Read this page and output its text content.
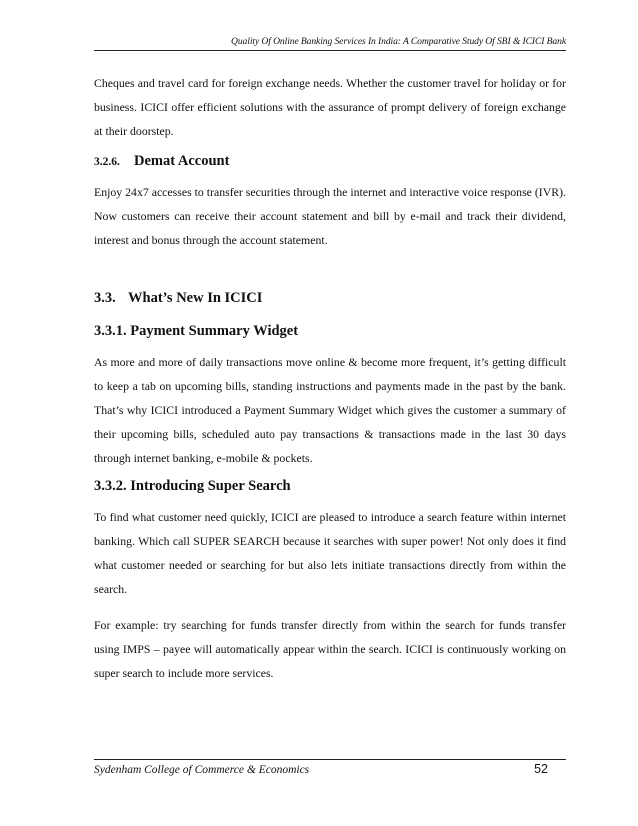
Quality Of Online Banking Services In India: A Comparative Study Of SBI & ICICI Bank

Cheques and travel card for foreign exchange needs. Whether the customer travel for holiday or for business. ICICI offer efficient solutions with the assurance of prompt delivery of foreign exchange at their doorstep.

3.2.6. Demat Account

Enjoy 24x7 accesses to transfer securities through the internet and interactive voice response (IVR). Now customers can receive their account statement and bill by e-mail and track their dividend, interest and bonus through the account statement.

3.3. What’s New In ICICI
3.3.1. Payment Summary Widget

As more and more of daily transactions move online & become more frequent, it’s getting difficult to keep a tab on upcoming bills, standing instructions and payments made in the past by the bank. That’s why ICICI introduced a Payment Summary Widget which gives the customer a summary of their upcoming bills, scheduled auto pay transactions & transactions made in the last 30 days through internet banking, e-mobile & pockets.

3.3.2. Introducing Super Search

To find what customer need quickly, ICICI are pleased to introduce a search feature within internet banking. Which call SUPER SEARCH because it searches with super power! Not only does it find what customer needed or searching for but also lets initiate transactions directly from within the search.

For example: try searching for funds transfer directly from within the search for funds transfer using IMPS – payee will automatically appear within the search. ICICI is continuously working on super search to include more services.

Sydenham College of Commerce & Economics	52
